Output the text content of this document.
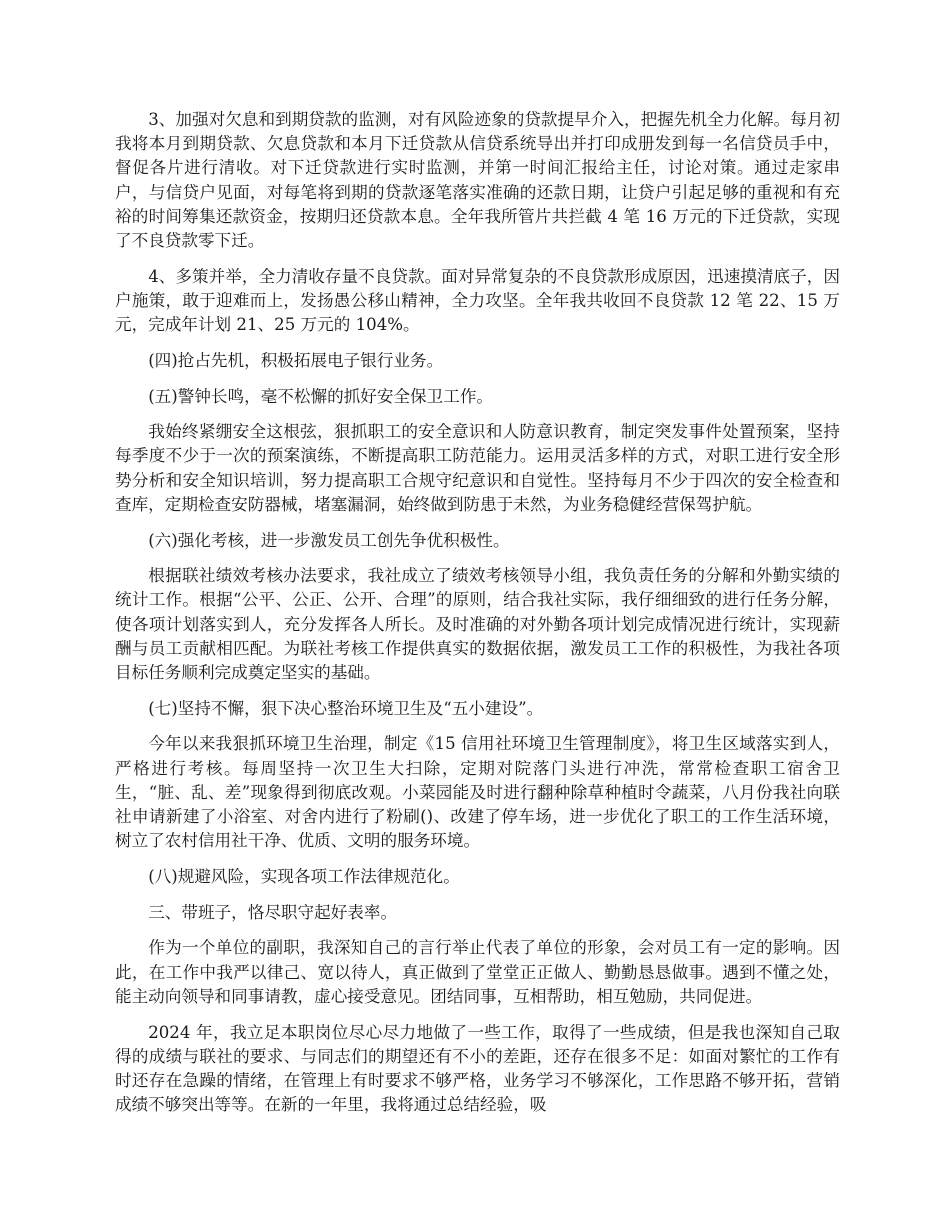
3、加强对欠息和到期贷款的监测，对有风险迹象的贷款提早介入，把握先机全力化解。每月初我将本月到期贷款、欠息贷款和本月下迁贷款从信贷系统导出并打印成册发到每一名信贷员手中，督促各片进行清收。对下迁贷款进行实时监测，并第一时间汇报给主任，讨论对策。通过走家串户，与信贷户见面，对每笔将到期的贷款逐笔落实准确的还款日期，让贷户引起足够的重视和有充裕的时间筹集还款资金，按期归还贷款本息。全年我所管片共拦截 4 笔 16 万元的下迁贷款，实现了不良贷款零下迁。

4、多策并举，全力清收存量不良贷款。面对异常复杂的不良贷款形成原因，迅速摸清底子，因户施策，敢于迎难而上，发扬愚公移山精神，全力攻坚。全年我共收回不良贷款 12 笔 22、15 万元，完成年计划 21、25 万元的 104%。

(四)抢占先机，积极拓展电子银行业务。

(五)警钟长鸣，毫不松懈的抓好安全保卫工作。

我始终紧绷安全这根弦，狠抓职工的安全意识和人防意识教育，制定突发事件处置预案，坚持每季度不少于一次的预案演练，不断提高职工防范能力。运用灵活多样的方式，对职工进行安全形势分析和安全知识培训，努力提高职工合规守纪意识和自觉性。坚持每月不少于四次的安全检查和查库，定期检查安防器械，堵塞漏洞，始终做到防患于未然，为业务稳健经营保驾护航。

(六)强化考核，进一步激发员工创先争优积极性。

根据联社绩效考核办法要求，我社成立了绩效考核领导小组，我负责任务的分解和外勤实绩的统计工作。根据“公平、公正、公开、合理”的原则，结合我社实际，我仔细细致的进行任务分解，使各项计划落实到人，充分发挥各人所长。及时准确的对外勤各项计划完成情况进行统计，实现薪酬与员工贡献相匹配。为联社考核工作提供真实的数据依据，激发员工工作的积极性，为我社各项目标任务顺利完成奠定坚实的基础。

(七)坚持不懈，狠下决心整治环境卫生及“五小建设”。

今年以来我狠抓环境卫生治理，制定《15 信用社环境卫生管理制度》，将卫生区域落实到人，严格进行考核。每周坚持一次卫生大扫除，定期对院落门头进行冲洗，常常检查职工宿舍卫生，“脏、乱、差”现象得到彻底改观。小菜园能及时进行翻种除草种植时令蔬菜，八月份我社向联社申请新建了小浴室、对舍内进行了粉刷()、改建了停车场，进一步优化了职工的工作生活环境，树立了农村信用社干净、优质、文明的服务环境。

(八)规避风险，实现各项工作法律规范化。

三、带班子，恪尽职守起好表率。

作为一个单位的副职，我深知自己的言行举止代表了单位的形象，会对员工有一定的影响。因此，在工作中我严以律己、宽以待人，真正做到了堂堂正正做人、勤勤恳恳做事。遇到不懂之处，能主动向领导和同事请教，虚心接受意见。团结同事，互相帮助，相互勉励，共同促进。

2024 年，我立足本职岗位尽心尽力地做了一些工作，取得了一些成绩，但是我也深知自己取得的成绩与联社的要求、与同志们的期望还有不小的差距，还存在很多不足：如面对繁忙的工作有时还存在急躁的情绪，在管理上有时要求不够严格，业务学习不够深化，工作思路不够开拓，营销成绩不够突出等等。在新的一年里，我将通过总结经验，吸
